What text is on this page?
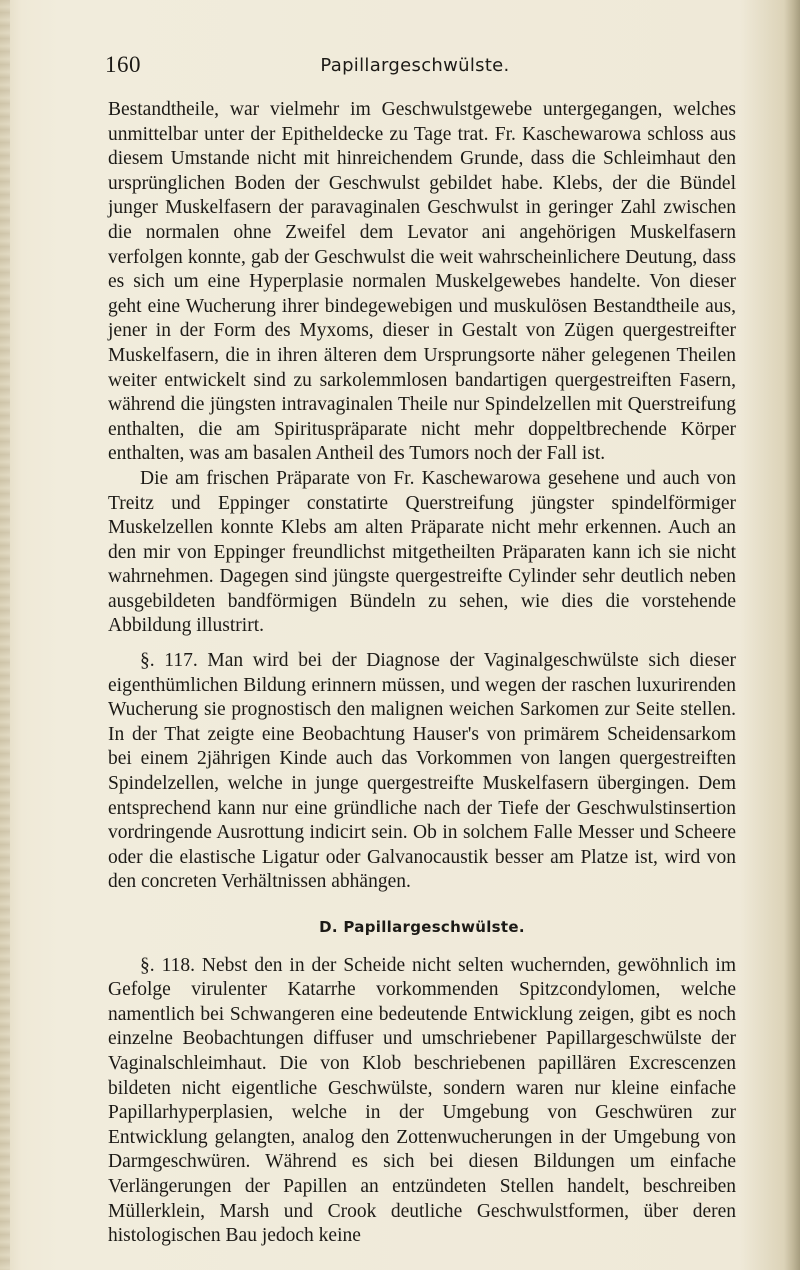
160	Papillargeschwülste.

Bestandtheile, war vielmehr im Geschwulstgewebe untergegangen, welches unmittelbar unter der Epitheldecke zu Tage trat. Fr. Kaschewarowa schloss aus diesem Umstande nicht mit hinreichendem Grunde, dass die Schleimhaut den ursprünglichen Boden der Geschwulst gebildet habe. Klebs, der die Bündel junger Muskelfasern der paravaginalen Geschwulst in geringer Zahl zwischen die normalen ohne Zweifel dem Levator ani angehörigen Muskelfasern verfolgen konnte, gab der Geschwulst die weit wahrscheinlichere Deutung, dass es sich um eine Hyperplasie normalen Muskelgewebes handelte. Von dieser geht eine Wucherung ihrer bindegewebigen und muskulösen Bestandtheile aus, jener in der Form des Myxoms, dieser in Gestalt von Zügen quergestreifter Muskelfasern, die in ihren älteren dem Ursprungsorte näher gelegenen Theilen weiter entwickelt sind zu sarkolemmlosen bandartigen quergestreiften Fasern, während die jüngsten intravaginalen Theile nur Spindelzellen mit Querstreifung enthalten, die am Spirituspräparate nicht mehr doppeltbrechende Körper enthalten, was am basalen Antheil des Tumors noch der Fall ist.

Die am frischen Präparate von Fr. Kaschewarowa gesehene und auch von Treitz und Eppinger constatirte Querstreifung jüngster spindelförmiger Muskelzellen konnte Klebs am alten Präparate nicht mehr erkennen. Auch an den mir von Eppinger freundlichst mitgetheilten Präparaten kann ich sie nicht wahrnehmen. Dagegen sind jüngste quergestreifte Cylinder sehr deutlich neben ausgebildeten bandförmigen Bündeln zu sehen, wie dies die vorstehende Abbildung illustrirt.

§. 117. Man wird bei der Diagnose der Vaginalgeschwülste sich dieser eigenthümlichen Bildung erinnern müssen, und wegen der raschen luxurirenden Wucherung sie prognostisch den malignen weichen Sarkomen zur Seite stellen. In der That zeigte eine Beobachtung Hauser's von primärem Scheidensarkom bei einem 2jährigen Kinde auch das Vorkommen von langen quergestreiften Spindelzellen, welche in junge quergestreifte Muskelfasern übergingen. Dem entsprechend kann nur eine gründliche nach der Tiefe der Geschwulstinsertion vordringende Ausrottung indicirt sein. Ob in solchem Falle Messer und Scheere oder die elastische Ligatur oder Galvanocaustik besser am Platze ist, wird von den concreten Verhältnissen abhängen.

D. Papillargeschwülste.

§. 118. Nebst den in der Scheide nicht selten wuchernden, gewöhnlich im Gefolge virulenter Katarrhe vorkommenden Spitzcondylomen, welche namentlich bei Schwangeren eine bedeutende Entwicklung zeigen, gibt es noch einzelne Beobachtungen diffuser und umschriebener Papillargeschwülste der Vaginalschleimhaut. Die von Klob beschriebenen papillären Excrescenzen bildeten nicht eigentliche Geschwülste, sondern waren nur kleine einfache Papillarhyperplasien, welche in der Umgebung von Geschwüren zur Entwicklung gelangten, analog den Zottenwucherungen in der Umgebung von Darmgeschwüren. Während es sich bei diesen Bildungen um einfache Verlängerungen der Papillen an entzündeten Stellen handelt, beschreiben Müllerklein, Marsh und Crook deutliche Geschwulstformen, über deren histologischen Bau jedoch keine
